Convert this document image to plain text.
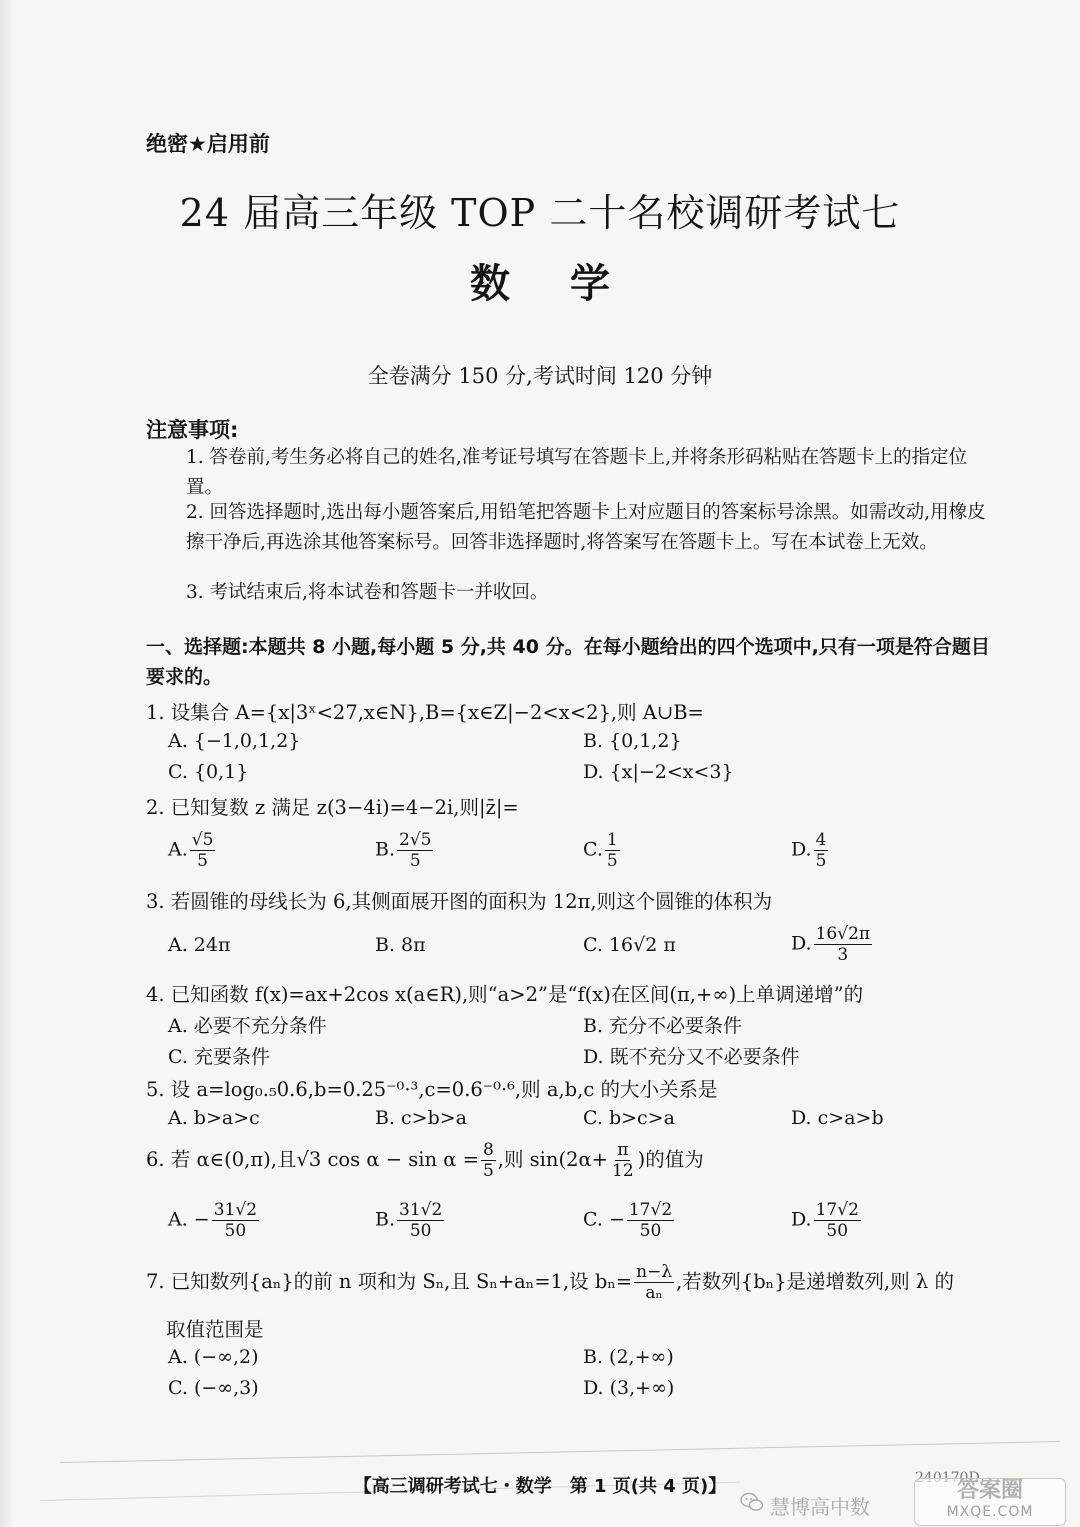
绝密★启用前
24 届高三年级 TOP 二十名校调研考试七
数学
全卷满分 150 分,考试时间 120 分钟
注意事项:
1. 答卷前,考生务必将自己的姓名,准考证号填写在答题卡上,并将条形码粘贴在答题卡上的指定位置。
2. 回答选择题时,选出每小题答案后,用铅笔把答题卡上对应题目的答案标号涂黑。如需改动,用橡皮擦干净后,再选涂其他答案标号。回答非选择题时,将答案写在答题卡上。写在本试卷上无效。
3. 考试结束后,将本试卷和答题卡一并收回。
一、选择题:本题共 8 小题,每小题 5 分,共 40 分。在每小题给出的四个选项中,只有一项是符合题目要求的。
1. 设集合 A={x|3ˣ<27,x∈N},B={x∈Z|−2<x<2},则 A∪B=
A. {−1,0,1,2}	B. {0,1,2}
C. {0,1}	D. {x|−2<x<3}
2. 已知复数 z 满足 z(3−4i)=4−2i,则|z̄|=
A. $\frac{√5}{5}$	B. $\frac{2√5}{5}$	C. $\frac{1}{5}$	D. $\frac{4}{5}$
3. 若圆锥的母线长为 6,其侧面展开图的面积为 12π,则这个圆锥的体积为
A. 24π	B. 8π	C. 16√2 π	D. $\frac{16√2\pi}{3}$
4. 已知函数 f(x)=ax+2cos x(a∈R),则“a>2”是“f(x)在区间(π,+∞)上单调递增”的
A. 必要不充分条件	B. 充分不必要条件
C. 充要条件	D. 既不充分又不必要条件
5. 设 a=log₀.₅0.6,b=0.25⁻⁰·³,c=0.6⁻⁰·⁶,则 a,b,c 的大小关系是
A. b>a>c	B. c>b>a	C. b>c>a	D. c>a>b
6. 若 α∈(0,π),且√3 $\cos \alpha - \sin \alpha = \frac{8}{5}$ ,则 $\sin(2\alpha+ \frac{\pi}{12}$ )的值为
A. − $\frac{31√2}{50}$	B. $\frac{31√2}{50}$	C. − $\frac{17√2}{50}$	D. $\frac{17√2}{50}$
7. 已知数列{aₙ}的前 n 项和为 Sₙ,且 Sₙ+aₙ=1,设 $b_n= \frac{n-\lambda}{\text{aₙ}}$ ,若数列{bₙ}是递增数列,则 λ 的
取值范围是
A. (−∞,2)	B. (2,+∞)
C. (−∞,3)	D. (3,+∞)
【高三调研考试七・数学　第 1 页(共 4 页)】
慧博高中数
答案圈
MXQE.COM
